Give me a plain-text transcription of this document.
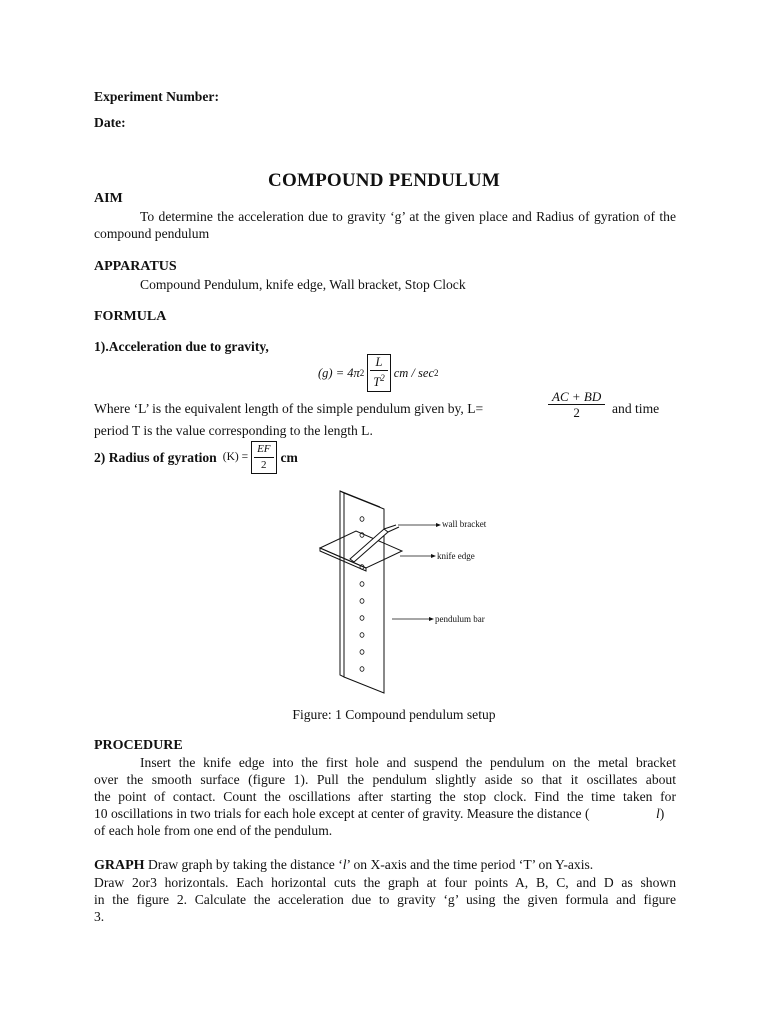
Experiment Number:
Date:
COMPOUND PENDULUM
AIM
To determine the acceleration due to gravity ‘g’ at the given place and Radius of gyration of the compound pendulum
APPARATUS
Compound Pendulum, knife edge, Wall bracket, Stop Clock
FORMULA
1).Acceleration due to gravity,
(g) = 4π $2 \frac{L}{T^2}$ cm / sec 2
Where ‘L’ is the equivalent length of the simple pendulum given by, L=	$\frac{AC + BD}{2}$ and time
period T is the value corresponding to the length L.
2) Radius of gyration $(K) = \frac{EF}{2}$ cm
wall bracket
knife edge
pendulum bar
Figure: 1 Compound pendulum setup
PROCEDURE
Insert the knife edge into the first hole and suspend the pendulum on the metal bracket
over the smooth surface (figure 1). Pull the pendulum slightly aside so that it oscillates about
the point of contact. Count the oscillations after starting the stop clock. Find the time taken for
10 oscillations in two trials for each hole except at center of gravity. Measure the distance (
of each hole from one end of the pendulum.
l)
GRAPH Draw graph by taking the distance ‘l’ on X-axis and the time period ‘T’ on Y-axis.
Draw 2or3 horizontals. Each horizontal cuts the graph at four points A, B, C, and D as shown
in the figure 2. Calculate the acceleration due to gravity ‘g’ using the given formula and figure
3.
